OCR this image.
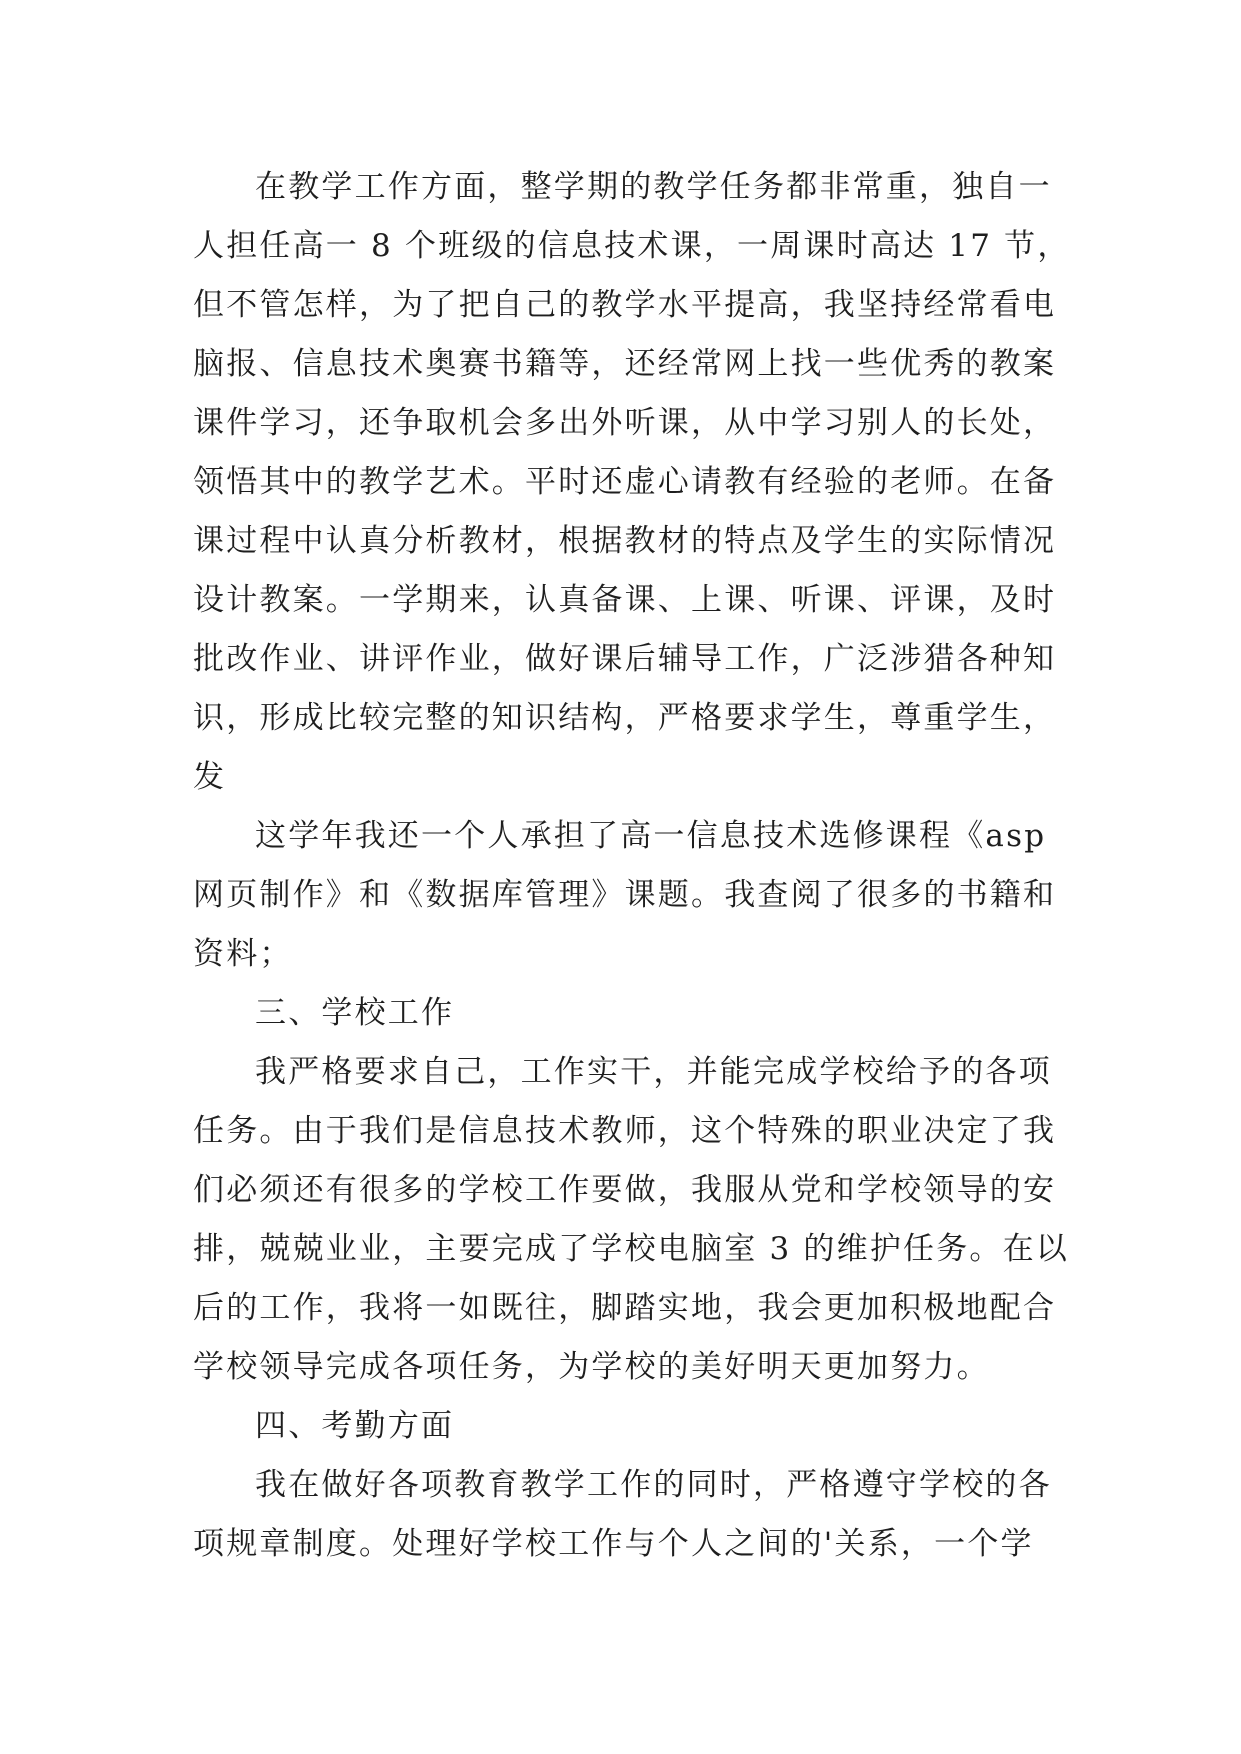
在教学工作方面，整学期的教学任务都非常重，独自一
人担任高一 8 个班级的信息技术课，一周课时高达 17 节，
但不管怎样，为了把自己的教学水平提高，我坚持经常看电
脑报、信息技术奥赛书籍等，还经常网上找一些优秀的教案
课件学习，还争取机会多出外听课，从中学习别人的长处，
领悟其中的教学艺术。平时还虚心请教有经验的老师。在备
课过程中认真分析教材，根据教材的特点及学生的实际情况
设计教案。一学期来，认真备课、上课、听课、评课，及时
批改作业、讲评作业，做好课后辅导工作，广泛涉猎各种知
识，形成比较完整的知识结构，严格要求学生，尊重学生，
发
这学年我还一个人承担了高一信息技术选修课程《asp
网页制作》和《数据库管理》课题。我查阅了很多的书籍和
资料；
三、学校工作
我严格要求自己，工作实干，并能完成学校给予的各项
任务。由于我们是信息技术教师，这个特殊的职业决定了我
们必须还有很多的学校工作要做，我服从党和学校领导的安
排，兢兢业业，主要完成了学校电脑室 3 的维护任务。在以
后的工作，我将一如既往，脚踏实地，我会更加积极地配合
学校领导完成各项任务，为学校的美好明天更加努力。
四、考勤方面
我在做好各项教育教学工作的同时，严格遵守学校的各
项规章制度。处理好学校工作与个人之间的'关系，一个学
